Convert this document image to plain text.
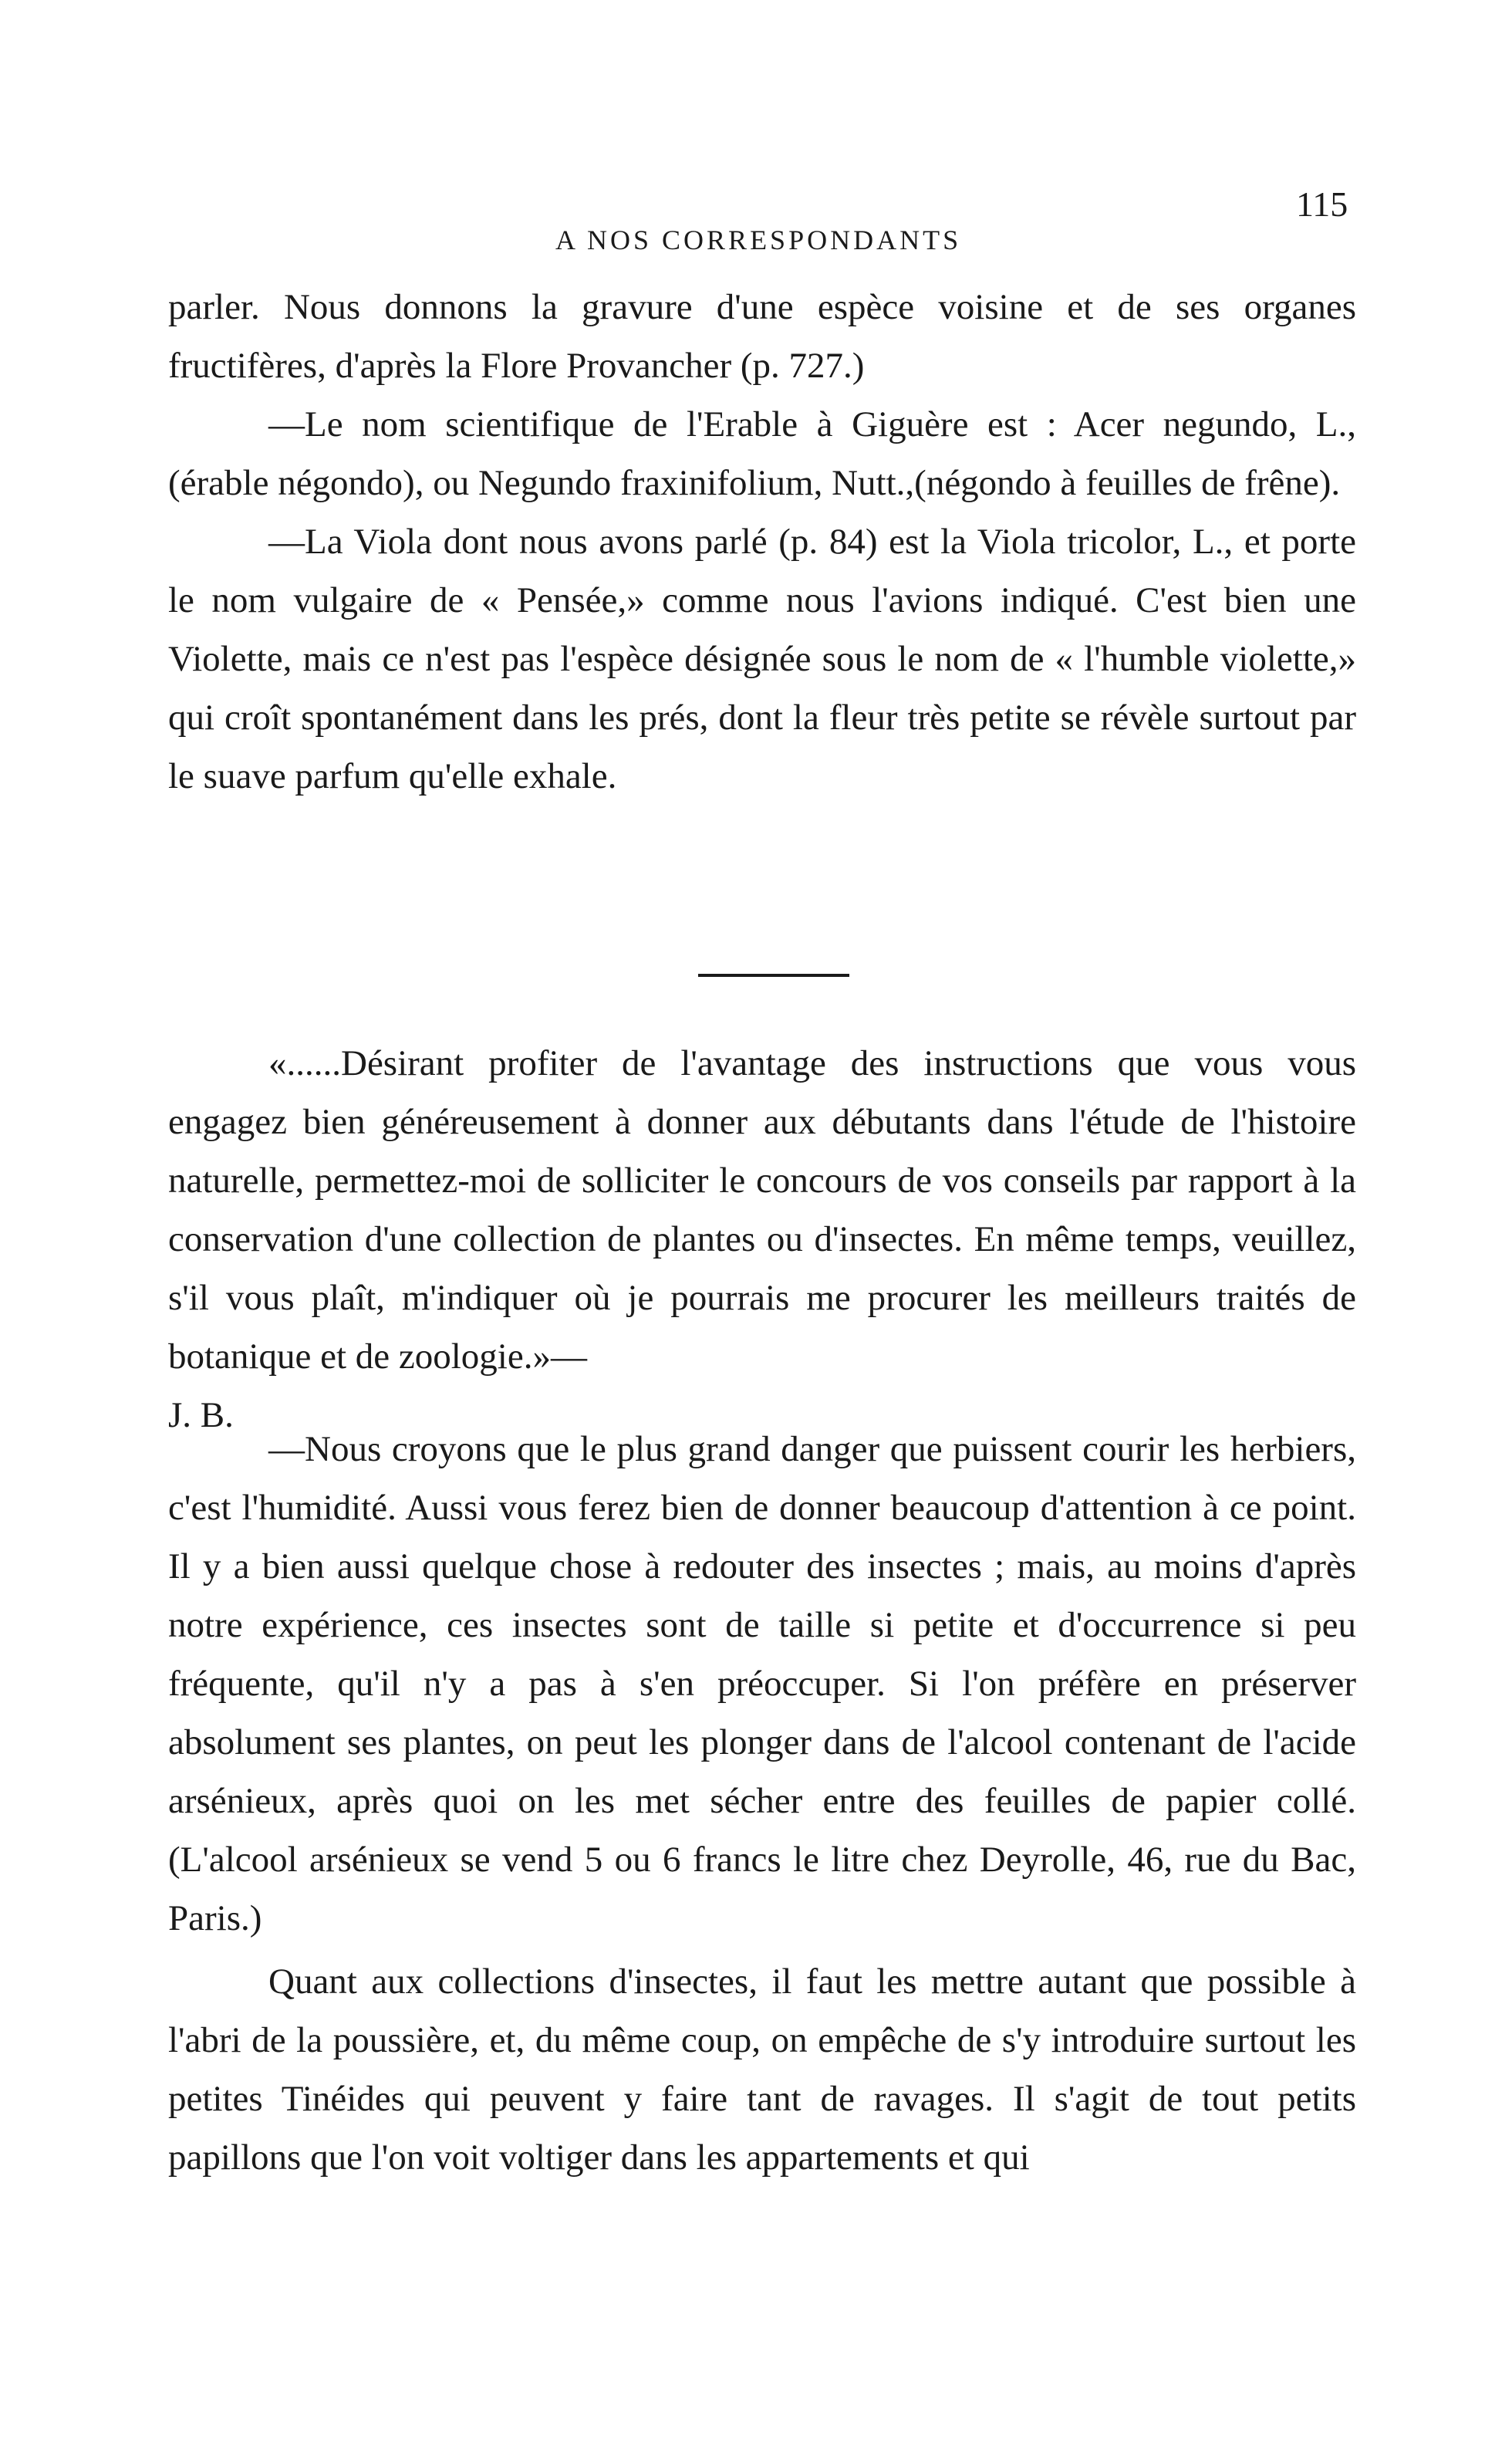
A NOS CORRESPONDANTS
115

parler. Nous donnons la gravure d'une espèce voisine et de ses organes fructifères, d'après la Flore Provancher (p. 727.)

—Le nom scientifique de l'Erable à Giguère est : Acer negundo, L., (érable négondo), ou Negundo fraxinifolium, Nutt.,(négondo à feuilles de frêne).

—La Viola dont nous avons parlé (p. 84) est la Viola tricolor, L., et porte le nom vulgaire de « Pensée,» comme nous l'avions indiqué. C'est bien une Violette, mais ce n'est pas l'espèce désignée sous le nom de « l'humble violette,» qui croît spontanément dans les prés, dont la fleur très petite se révèle surtout par le suave parfum qu'elle exhale.

«......Désirant profiter de l'avantage des instructions que vous vous engagez bien généreusement à donner aux débutants dans l'étude de l'histoire naturelle, permettez-moi de solliciter le concours de vos conseils par rapport à la conservation d'une collection de plantes ou d'insectes. En même temps, veuillez, s'il vous plaît, m'indiquer où je pourrais me procurer les meilleurs traités de botanique et de zoologie.»—

J. B.

—Nous croyons que le plus grand danger que puissent courir les herbiers, c'est l'humidité. Aussi vous ferez bien de donner beaucoup d'attention à ce point. Il y a bien aussi quelque chose à redouter des insectes ; mais, au moins d'après notre expérience, ces insectes sont de taille si petite et d'occurrence si peu fréquente, qu'il n'y a pas à s'en préoccuper. Si l'on préfère en préserver absolument ses plantes, on peut les plonger dans de l'alcool contenant de l'acide arsénieux, après quoi on les met sécher entre des feuilles de papier collé. (L'alcool arsénieux se vend 5 ou 6 francs le litre chez Deyrolle, 46, rue du Bac, Paris.)

Quant aux collections d'insectes, il faut les mettre autant que possible à l'abri de la poussière, et, du même coup, on empêche de s'y introduire surtout les petites Tinéides qui peuvent y faire tant de ravages. Il s'agit de tout petits papillons que l'on voit voltiger dans les appartements et qui
